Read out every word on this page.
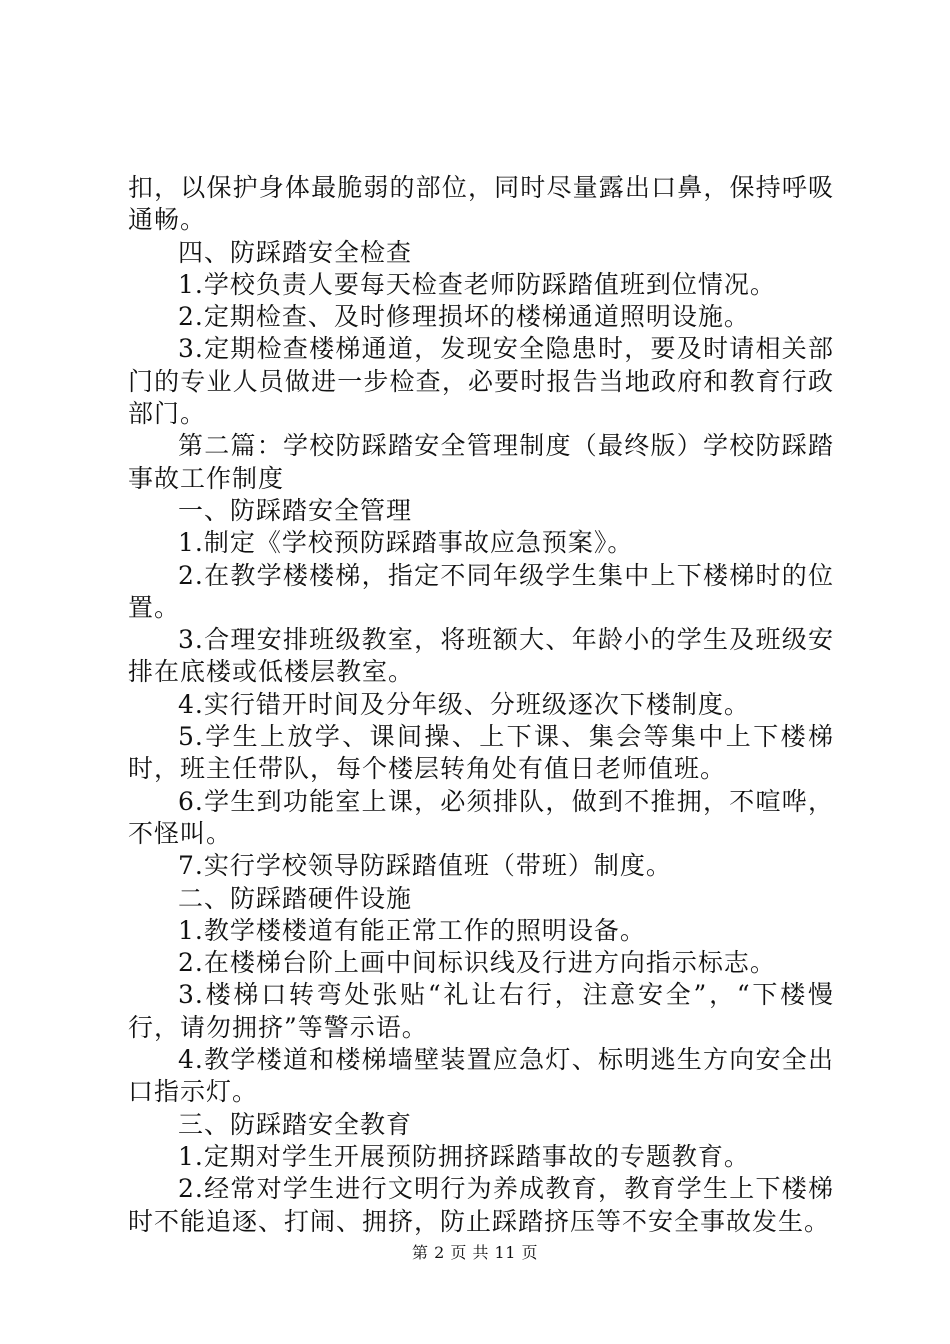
扣，以保护身体最脆弱的部位，同时尽量露出口鼻，保持呼吸通畅。

四、防踩踏安全检查

1.学校负责人要每天检查老师防踩踏值班到位情况。

2.定期检查、及时修理损坏的楼梯通道照明设施。

3.定期检查楼梯通道，发现安全隐患时，要及时请相关部门的专业人员做进一步检查，必要时报告当地政府和教育行政部门。

第二篇：学校防踩踏安全管理制度（最终版）学校防踩踏事故工作制度

一、防踩踏安全管理

1.制定《学校预防踩踏事故应急预案》。

2.在教学楼楼梯，指定不同年级学生集中上下楼梯时的位置。

3.合理安排班级教室，将班额大、年龄小的学生及班级安排在底楼或低楼层教室。

4.实行错开时间及分年级、分班级逐次下楼制度。

5.学生上放学、课间操、上下课、集会等集中上下楼梯时，班主任带队，每个楼层转角处有值日老师值班。

6.学生到功能室上课，必须排队，做到不推拥，不喧哗，不怪叫。

7.实行学校领导防踩踏值班（带班）制度。

二、防踩踏硬件设施

1.教学楼楼道有能正常工作的照明设备。

2.在楼梯台阶上画中间标识线及行进方向指示标志。

3.楼梯口转弯处张贴“礼让右行，注意安全”，“下楼慢行，请勿拥挤”等警示语。

4.教学楼道和楼梯墙壁装置应急灯、标明逃生方向安全出口指示灯。

三、防踩踏安全教育

1.定期对学生开展预防拥挤踩踏事故的专题教育。

2.经常对学生进行文明行为养成教育，教育学生上下楼梯时不能追逐、打闹、拥挤，防止踩踏挤压等不安全事故发生。

第 2 页 共 11 页
